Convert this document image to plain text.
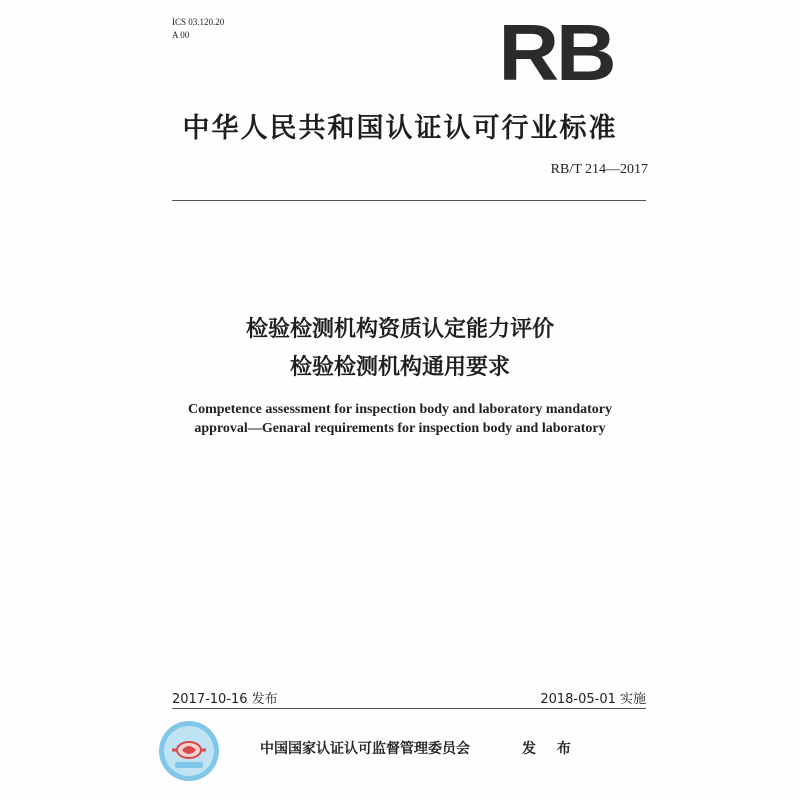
ICS 03.120.20
A 00	RB
中华人民共和国认证认可行业标准
RB/T 214—2017
检验检测机构资质认定能力评价
检验检测机构通用要求
Competence assessment for inspection body and laboratory mandatory
approval—Genaral requirements for inspection body and laboratory
2017-10-16 发布	2018-05-01 实施
中国国家认证认可监督管理委员会	发 布
